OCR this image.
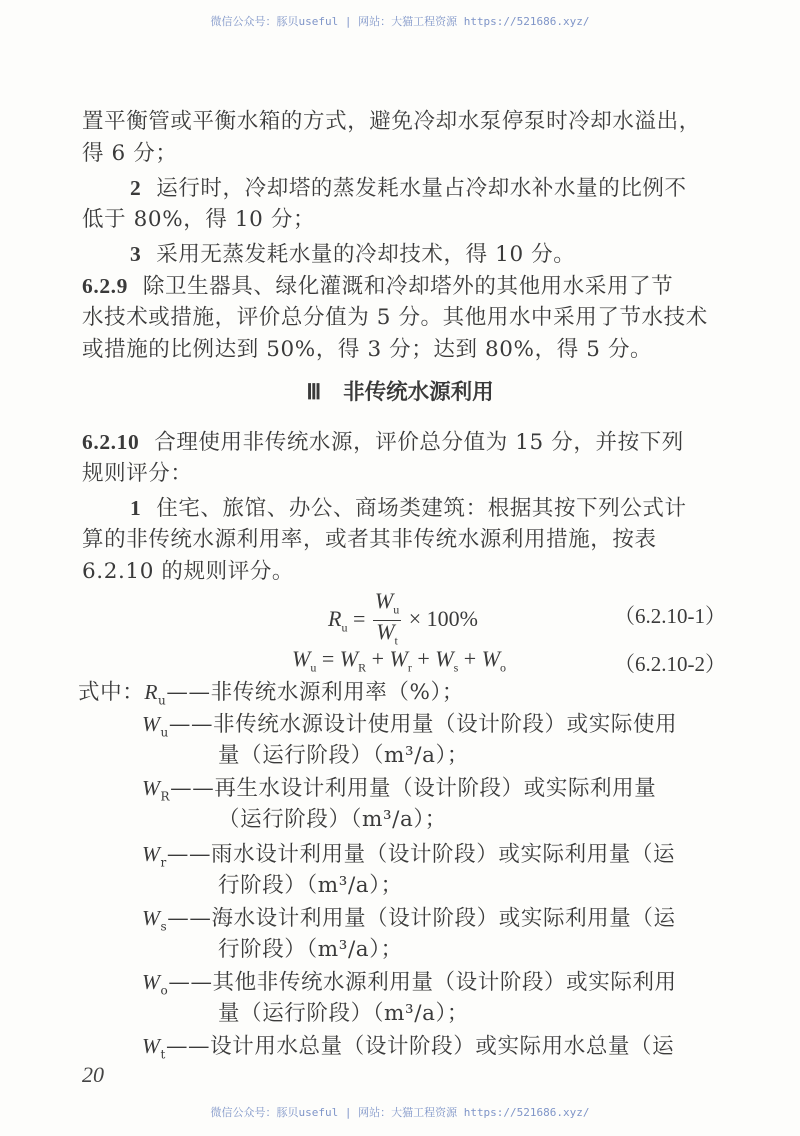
微信公众号：豚贝useful | 网站：大猫工程资源 https://521686.xyz/
置平衡管或平衡水箱的方式，避免冷却水泵停泵时冷却水溢出，
得 6 分；
2 运行时，冷却塔的蒸发耗水量占冷却水补水量的比例不
低于 80%，得 10 分；
3 采用无蒸发耗水量的冷却技术，得 10 分。
6.2.9 除卫生器具、绿化灌溉和冷却塔外的其他用水采用了节
水技术或措施，评价总分值为 5 分。其他用水中采用了节水技术
或措施的比例达到 50%，得 3 分；达到 80%，得 5 分。
Ⅲ 非传统水源利用
6.2.10 合理使用非传统水源，评价总分值为 15 分，并按下列
规则评分：
1 住宅、旅馆、办公、商场类建筑：根据其按下列公式计
算的非传统水源利用率，或者其非传统水源利用措施，按表
6.2.10 的规则评分。
$R_u = \frac{W_u}{W_t} \times 100\%$	（6.2.10-1）
$W_u = W_R + W_r + W_s + W_o$	（6.2.10-2）
式中：$R_u——$非传统水源利用率（%）；
$W_u——$非传统水源设计使用量（设计阶段）或实际使用
量（运行阶段）（m³/a）；
$W_R——$再生水设计利用量（设计阶段）或实际利用量
（运行阶段）（m³/a）；
$W_r——$雨水设计利用量（设计阶段）或实际利用量（运
行阶段）（m³/a）；
$W_s——$海水设计利用量（设计阶段）或实际利用量（运
行阶段）（m³/a）；
$W_o——$其他非传统水源利用量（设计阶段）或实际利用
量（运行阶段）（m³/a）；
$W_t——$设计用水总量（设计阶段）或实际用水总量（运
20
微信公众号：豚贝useful | 网站：大猫工程资源 https://521686.xyz/
